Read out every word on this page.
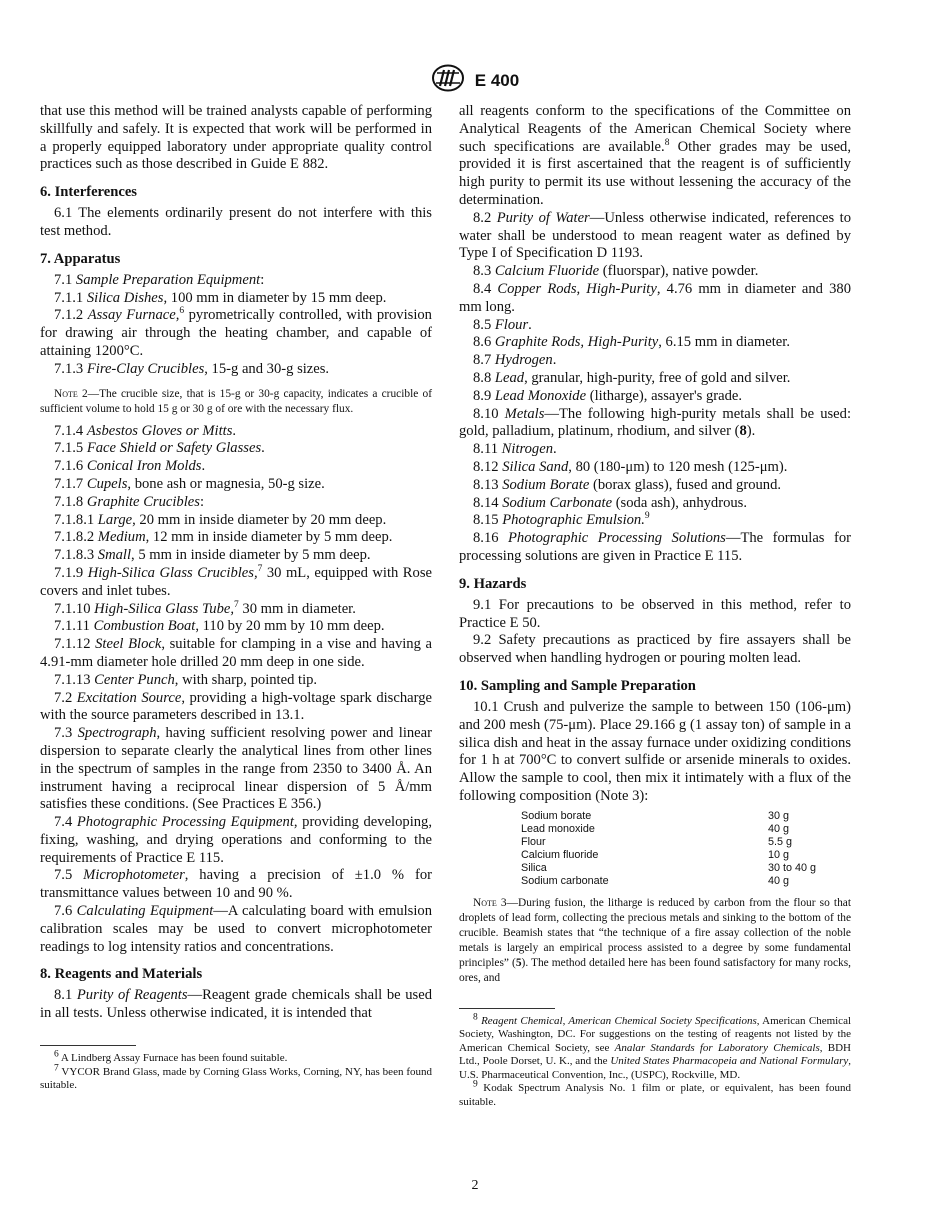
E 400

that use this method will be trained analysts capable of performing skillfully and safely. It is expected that work will be performed in a properly equipped laboratory under appropriate quality control practices such as those described in Guide E 882.

6. Interferences

6.1 The elements ordinarily present do not interfere with this test method.

7. Apparatus

7.1 Sample Preparation Equipment:

7.1.1 Silica Dishes, 100 mm in diameter by 15 mm deep.

7.1.2 Assay Furnace,$^6$ pyrometrically controlled, with provision for drawing air through the heating chamber, and capable of attaining 1200°C.

7.1.3 Fire-Clay Crucibles, 15-g and 30-g sizes.

Note 2—The crucible size, that is 15-g or 30-g capacity, indicates a crucible of sufficient volume to hold 15 g or 30 g of ore with the necessary flux.

7.1.4 Asbestos Gloves or Mitts.

7.1.5 Face Shield or Safety Glasses.

7.1.6 Conical Iron Molds.

7.1.7 Cupels, bone ash or magnesia, 50-g size.

7.1.8 Graphite Crucibles:

7.1.8.1 Large, 20 mm in inside diameter by 20 mm deep.

7.1.8.2 Medium, 12 mm in inside diameter by 5 mm deep.

7.1.8.3 Small, 5 mm in inside diameter by 5 mm deep.

7.1.9 High-Silica Glass Crucibles,$^7$ 30 mL, equipped with Rose covers and inlet tubes.

7.1.10 High-Silica Glass Tube,$^7$ 30 mm in diameter.

7.1.11 Combustion Boat, 110 by 20 mm by 10 mm deep.

7.1.12 Steel Block, suitable for clamping in a vise and having a 4.91-mm diameter hole drilled 20 mm deep in one side.

7.1.13 Center Punch, with sharp, pointed tip.

7.2 Excitation Source, providing a high-voltage spark discharge with the source parameters described in 13.1.

7.3 Spectrograph, having sufficient resolving power and linear dispersion to separate clearly the analytical lines from other lines in the spectrum of samples in the range from 2350 to 3400 Å. An instrument having a reciprocal linear dispersion of 5 Å/mm satisfies these conditions. (See Practices E 356.)

7.4 Photographic Processing Equipment, providing developing, fixing, washing, and drying operations and conforming to the requirements of Practice E 115.

7.5 Microphotometer, having a precision of ±1.0 % for transmittance values between 10 and 90 %.

7.6 Calculating Equipment—A calculating board with emulsion calibration scales may be used to convert microphotometer readings to log intensity ratios and concentrations.

8. Reagents and Materials

8.1 Purity of Reagents—Reagent grade chemicals shall be used in all tests. Unless otherwise indicated, it is intended that

$^6$ A Lindberg Assay Furnace has been found suitable.

$^7$ VYCOR Brand Glass, made by Corning Glass Works, Corning, NY, has been found suitable.

all reagents conform to the specifications of the Committee on Analytical Reagents of the American Chemical Society where such specifications are available.$^8$ Other grades may be used, provided it is first ascertained that the reagent is of sufficiently high purity to permit its use without lessening the accuracy of the determination.

8.2 Purity of Water—Unless otherwise indicated, references to water shall be understood to mean reagent water as defined by Type I of Specification D 1193.

8.3 Calcium Fluoride (fluorspar), native powder.

8.4 Copper Rods, High-Purity, 4.76 mm in diameter and 380 mm long.

8.5 Flour.

8.6 Graphite Rods, High-Purity, 6.15 mm in diameter.

8.7 Hydrogen.

8.8 Lead, granular, high-purity, free of gold and silver.

8.9 Lead Monoxide (litharge), assayer's grade.

8.10 Metals—The following high-purity metals shall be used: gold, palladium, platinum, rhodium, and silver (8).

8.11 Nitrogen.

8.12 Silica Sand, 80 (180-μm) to 120 mesh (125-μm).

8.13 Sodium Borate (borax glass), fused and ground.

8.14 Sodium Carbonate (soda ash), anhydrous.

8.15 Photographic Emulsion.$^9$

8.16 Photographic Processing Solutions—The formulas for processing solutions are given in Practice E 115.

9. Hazards

9.1 For precautions to be observed in this method, refer to Practice E 50.

9.2 Safety precautions as practiced by fire assayers shall be observed when handling hydrogen or pouring molten lead.

10. Sampling and Sample Preparation

10.1 Crush and pulverize the sample to between 150 (106-μm) and 200 mesh (75-μm). Place 29.166 g (1 assay ton) of sample in a silica dish and heat in the assay furnace under oxidizing conditions for 1 h at 700°C to convert sulfide or arsenide minerals to oxides. Allow the sample to cool, then mix it intimately with a flux of the following composition (Note 3):

Sodium borate	30 g
Lead monoxide	40 g
Flour	5.5 g
Calcium fluoride	10 g
Silica	30 to 40 g
Sodium carbonate	40 g

Note 3—During fusion, the litharge is reduced by carbon from the flour so that droplets of lead form, collecting the precious metals and sinking to the bottom of the crucible. Beamish states that “the technique of a fire assay collection of the noble metals is largely an empirical process assisted to a degree by some fundamental principles” (5). The method detailed here has been found satisfactory for many rocks, ores, and

$^8$ Reagent Chemical, American Chemical Society Specifications, American Chemical Society, Washington, DC. For suggestions on the testing of reagents not listed by the American Chemical Society, see Analar Standards for Laboratory Chemicals, BDH Ltd., Poole Dorset, U. K., and the United States Pharmacopeia and National Formulary, U.S. Pharmaceutical Convention, Inc., (USPC), Rockville, MD.

$^9$ Kodak Spectrum Analysis No. 1 film or plate, or equivalent, has been found suitable.

2
